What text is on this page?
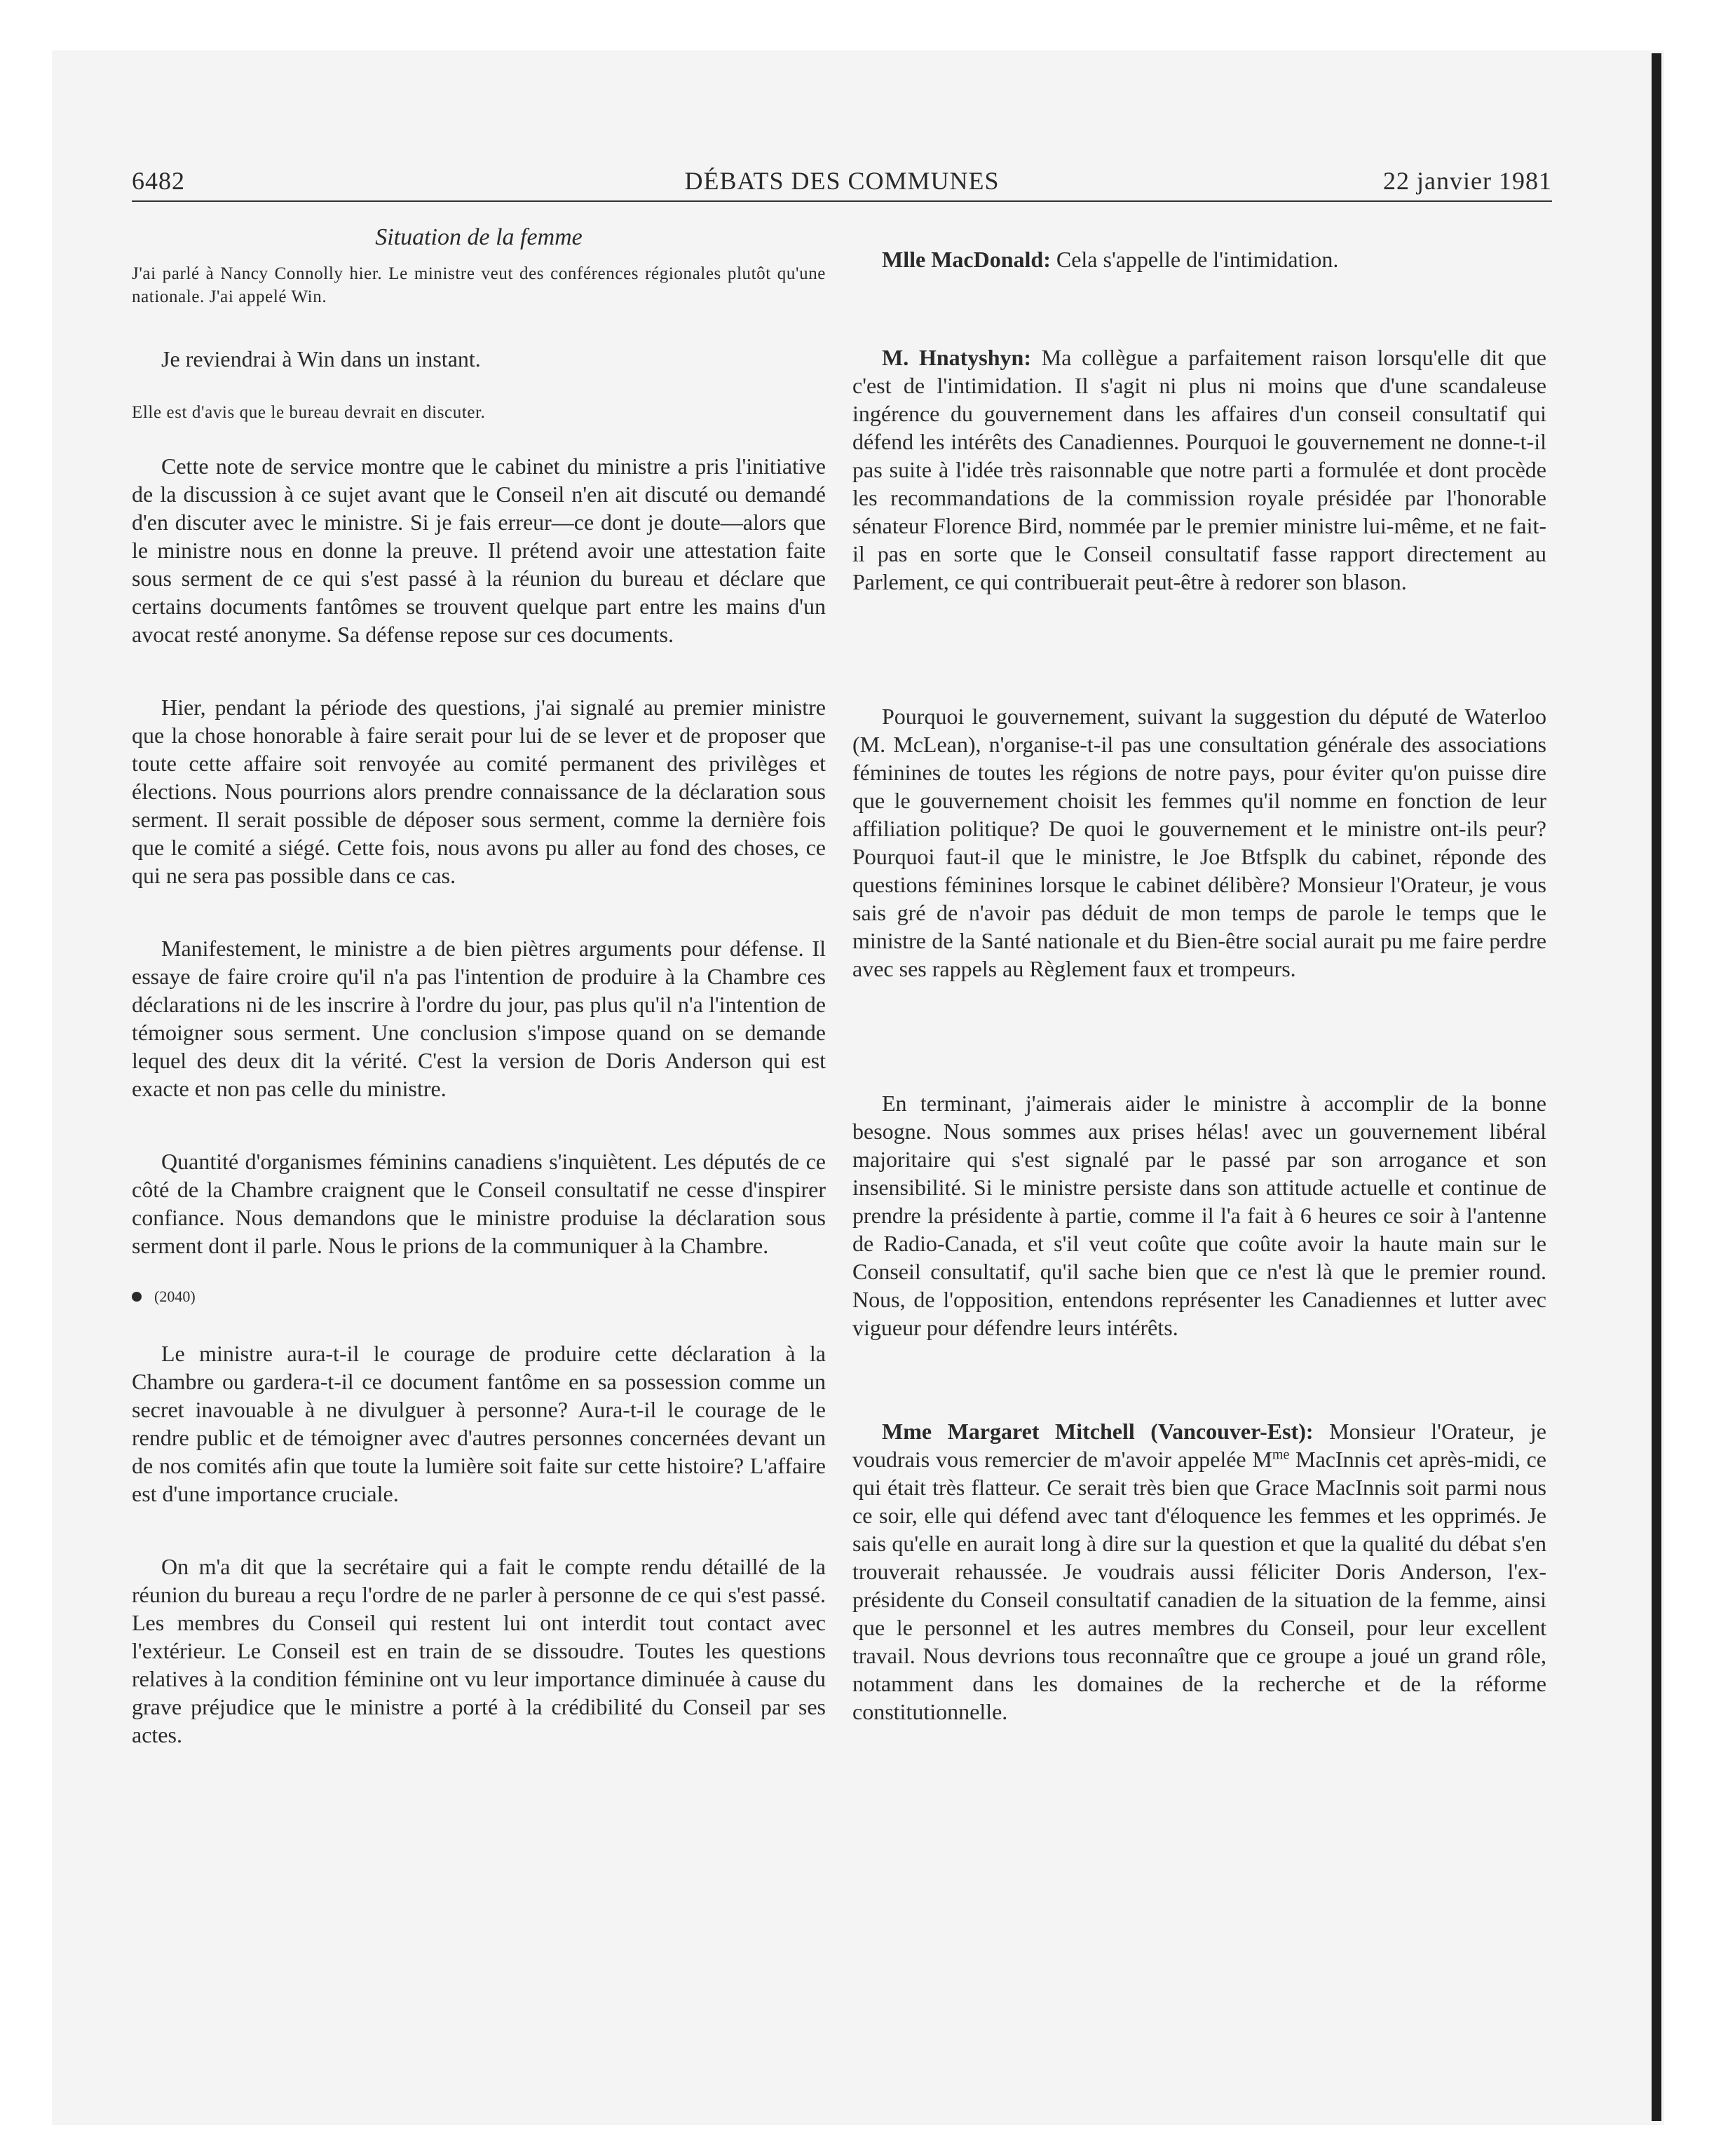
6482	DÉBATS DES COMMUNES	22 janvier 1981
Situation de la femme
J'ai parlé à Nancy Connolly hier. Le ministre veut des conférences régionales plutôt qu'une nationale. J'ai appelé Win.

Je reviendrai à Win dans un instant.

Elle est d'avis que le bureau devrait en discuter.

Cette note de service montre que le cabinet du ministre a pris l'initiative de la discussion à ce sujet avant que le Conseil n'en ait discuté ou demandé d'en discuter avec le ministre. Si je fais erreur—ce dont je doute—alors que le ministre nous en donne la preuve. Il prétend avoir une attestation faite sous serment de ce qui s'est passé à la réunion du bureau et déclare que certains documents fantômes se trouvent quelque part entre les mains d'un avocat resté anonyme. Sa défense repose sur ces documents.

Hier, pendant la période des questions, j'ai signalé au premier ministre que la chose honorable à faire serait pour lui de se lever et de proposer que toute cette affaire soit renvoyée au comité permanent des privilèges et élections. Nous pourrions alors prendre connaissance de la déclaration sous serment. Il serait possible de déposer sous serment, comme la dernière fois que le comité a siégé. Cette fois, nous avons pu aller au fond des choses, ce qui ne sera pas possible dans ce cas.

Manifestement, le ministre a de bien piètres arguments pour défense. Il essaye de faire croire qu'il n'a pas l'intention de produire à la Chambre ces déclarations ni de les inscrire à l'ordre du jour, pas plus qu'il n'a l'intention de témoigner sous serment. Une conclusion s'impose quand on se demande lequel des deux dit la vérité. C'est la version de Doris Anderson qui est exacte et non pas celle du ministre.

Quantité d'organismes féminins canadiens s'inquiètent. Les députés de ce côté de la Chambre craignent que le Conseil consultatif ne cesse d'inspirer confiance. Nous demandons que le ministre produise la déclaration sous serment dont il parle. Nous le prions de la communiquer à la Chambre.

(2040)

Le ministre aura-t-il le courage de produire cette déclaration à la Chambre ou gardera-t-il ce document fantôme en sa possession comme un secret inavouable à ne divulguer à personne? Aura-t-il le courage de le rendre public et de témoigner avec d'autres personnes concernées devant un de nos comités afin que toute la lumière soit faite sur cette histoire? L'affaire est d'une importance cruciale.

On m'a dit que la secrétaire qui a fait le compte rendu détaillé de la réunion du bureau a reçu l'ordre de ne parler à personne de ce qui s'est passé. Les membres du Conseil qui restent lui ont interdit tout contact avec l'extérieur. Le Conseil est en train de se dissoudre. Toutes les questions relatives à la condition féminine ont vu leur importance diminuée à cause du grave préjudice que le ministre a porté à la crédibilité du Conseil par ses actes.

Mlle MacDonald: Cela s'appelle de l'intimidation.

M. Hnatyshyn: Ma collègue a parfaitement raison lorsqu'elle dit que c'est de l'intimidation. Il s'agit ni plus ni moins que d'une scandaleuse ingérence du gouvernement dans les affaires d'un conseil consultatif qui défend les intérêts des Canadiennes. Pourquoi le gouvernement ne donne-t-il pas suite à l'idée très raisonnable que notre parti a formulée et dont procède les recommandations de la commission royale présidée par l'honorable sénateur Florence Bird, nommée par le premier ministre lui-même, et ne fait-il pas en sorte que le Conseil consultatif fasse rapport directement au Parlement, ce qui contribuerait peut-être à redorer son blason.

Pourquoi le gouvernement, suivant la suggestion du député de Waterloo (M. McLean), n'organise-t-il pas une consultation générale des associations féminines de toutes les régions de notre pays, pour éviter qu'on puisse dire que le gouvernement choisit les femmes qu'il nomme en fonction de leur affiliation politique? De quoi le gouvernement et le ministre ont-ils peur? Pourquoi faut-il que le ministre, le Joe Btfsplk du cabinet, réponde des questions féminines lorsque le cabinet délibère? Monsieur l'Orateur, je vous sais gré de n'avoir pas déduit de mon temps de parole le temps que le ministre de la Santé nationale et du Bien-être social aurait pu me faire perdre avec ses rappels au Règlement faux et trompeurs.

En terminant, j'aimerais aider le ministre à accomplir de la bonne besogne. Nous sommes aux prises hélas! avec un gouvernement libéral majoritaire qui s'est signalé par le passé par son arrogance et son insensibilité. Si le ministre persiste dans son attitude actuelle et continue de prendre la présidente à partie, comme il l'a fait à 6 heures ce soir à l'antenne de Radio-Canada, et s'il veut coûte que coûte avoir la haute main sur le Conseil consultatif, qu'il sache bien que ce n'est là que le premier round. Nous, de l'opposition, entendons représenter les Canadiennes et lutter avec vigueur pour défendre leurs intérêts.

Mme Margaret Mitchell (Vancouver-Est): Monsieur l'Orateur, je voudrais vous remercier de m'avoir appelée $M^{me}$ MacInnis cet après-midi, ce qui était très flatteur. Ce serait très bien que Grace MacInnis soit parmi nous ce soir, elle qui défend avec tant d'éloquence les femmes et les opprimés. Je sais qu'elle en aurait long à dire sur la question et que la qualité du débat s'en trouverait rehaussée. Je voudrais aussi féliciter Doris Anderson, l'ex-présidente du Conseil consultatif canadien de la situation de la femme, ainsi que le personnel et les autres membres du Conseil, pour leur excellent travail. Nous devrions tous reconnaître que ce groupe a joué un grand rôle, notamment dans les domaines de la recherche et de la réforme constitutionnelle.
